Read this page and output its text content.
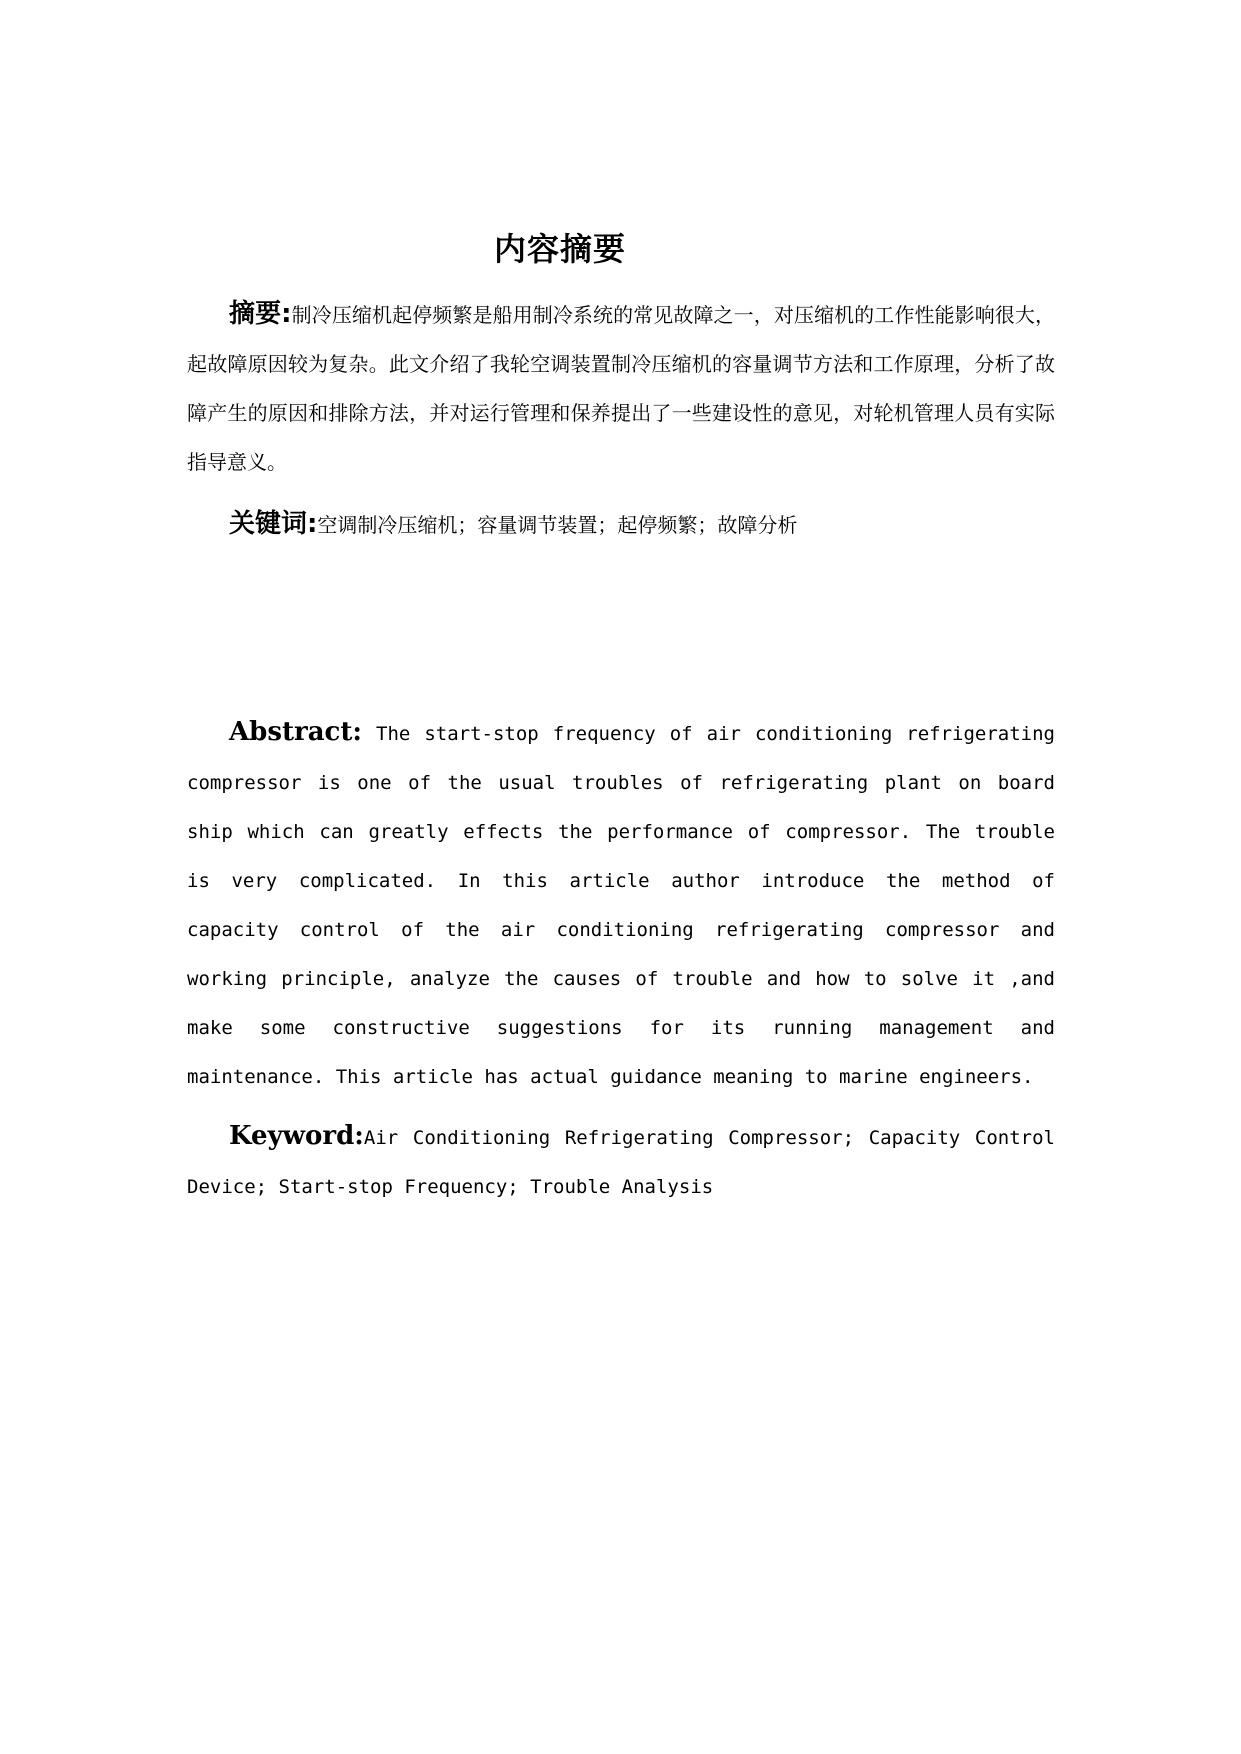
内容摘要

摘要:制冷压缩机起停频繁是船用制冷系统的常见故障之一，对压缩机的工作性能影响很大，起故障原因较为复杂。此文介绍了我轮空调装置制冷压缩机的容量调节方法和工作原理，分析了故障产生的原因和排除方法，并对运行管理和保养提出了一些建设性的意见，对轮机管理人员有实际指导意义。

关键词:空调制冷压缩机；容量调节装置；起停频繁；故障分析

Abstract: The start-stop frequency of air conditioning refrigerating compressor is one of the usual troubles of refrigerating plant on board ship which can greatly effects the performance of compressor. The trouble is very complicated. In this article author introduce the method of capacity control of the air conditioning refrigerating compressor and working principle, analyze the causes of trouble and how to solve it ,and make some constructive suggestions for its running management and maintenance. This article has actual guidance meaning to marine engineers.

Keyword:Air Conditioning Refrigerating Compressor; Capacity Control Device; Start-stop Frequency; Trouble Analysis
